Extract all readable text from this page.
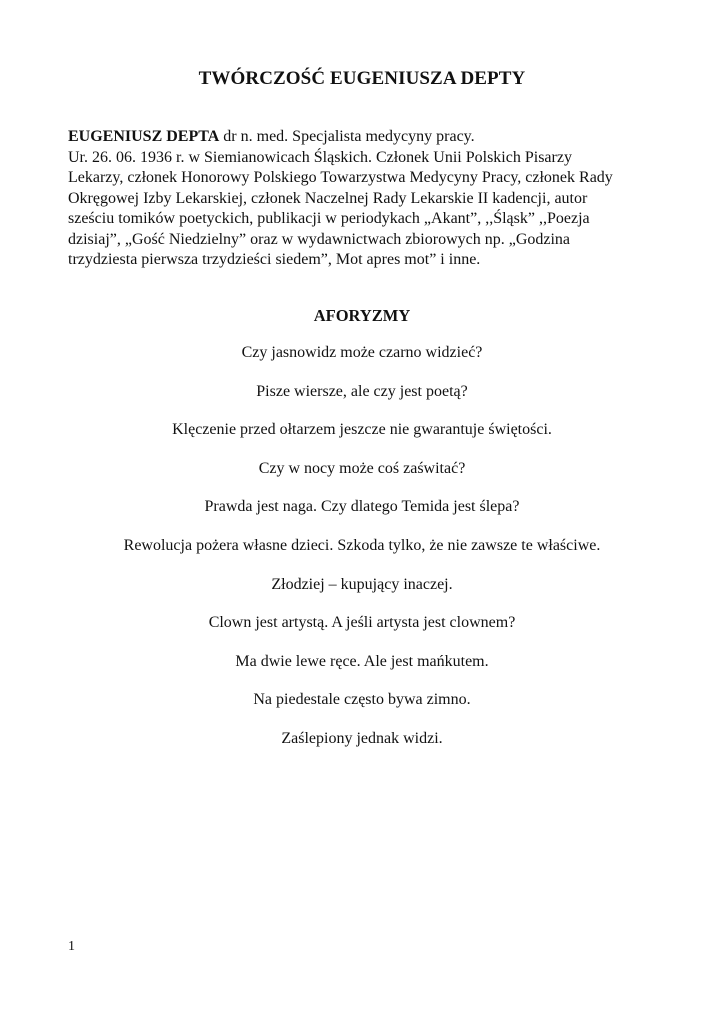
TWÓRCZOŚĆ EUGENIUSZA DEPTY
EUGENIUSZ DEPTA dr n. med. Specjalista medycyny pracy.
Ur. 26. 06. 1936 r. w Siemianowicach Śląskich. Członek Unii Polskich Pisarzy
Lekarzy, członek Honorowy Polskiego Towarzystwa Medycyny Pracy, członek Rady
Okręgowej Izby Lekarskiej, członek Naczelnej Rady Lekarskie II kadencji, autor
sześciu tomików poetyckich, publikacji w periodykach „Akant”, ,,Śląsk” ,,Poezja
dzisiaj”, „Gość Niedzielny” oraz w wydawnictwach zbiorowych np. „Godzina
trzydziesta pierwsza trzydzieści siedem”, Mot apres mot” i inne.
AFORYZMY
Czy jasnowidz może czarno widzieć?
Pisze wiersze, ale czy jest poetą?
Klęczenie przed ołtarzem jeszcze nie gwarantuje świętości.
Czy w nocy może coś zaświtać?
Prawda jest naga. Czy dlatego Temida jest ślepa?
Rewolucja pożera własne dzieci. Szkoda tylko, że nie zawsze te właściwe.
Złodziej – kupujący inaczej.
Clown jest artystą. A jeśli artysta jest clownem?
Ma dwie lewe ręce. Ale jest mańkutem.
Na piedestale często bywa zimno.
Zaślepiony jednak widzi.
1
